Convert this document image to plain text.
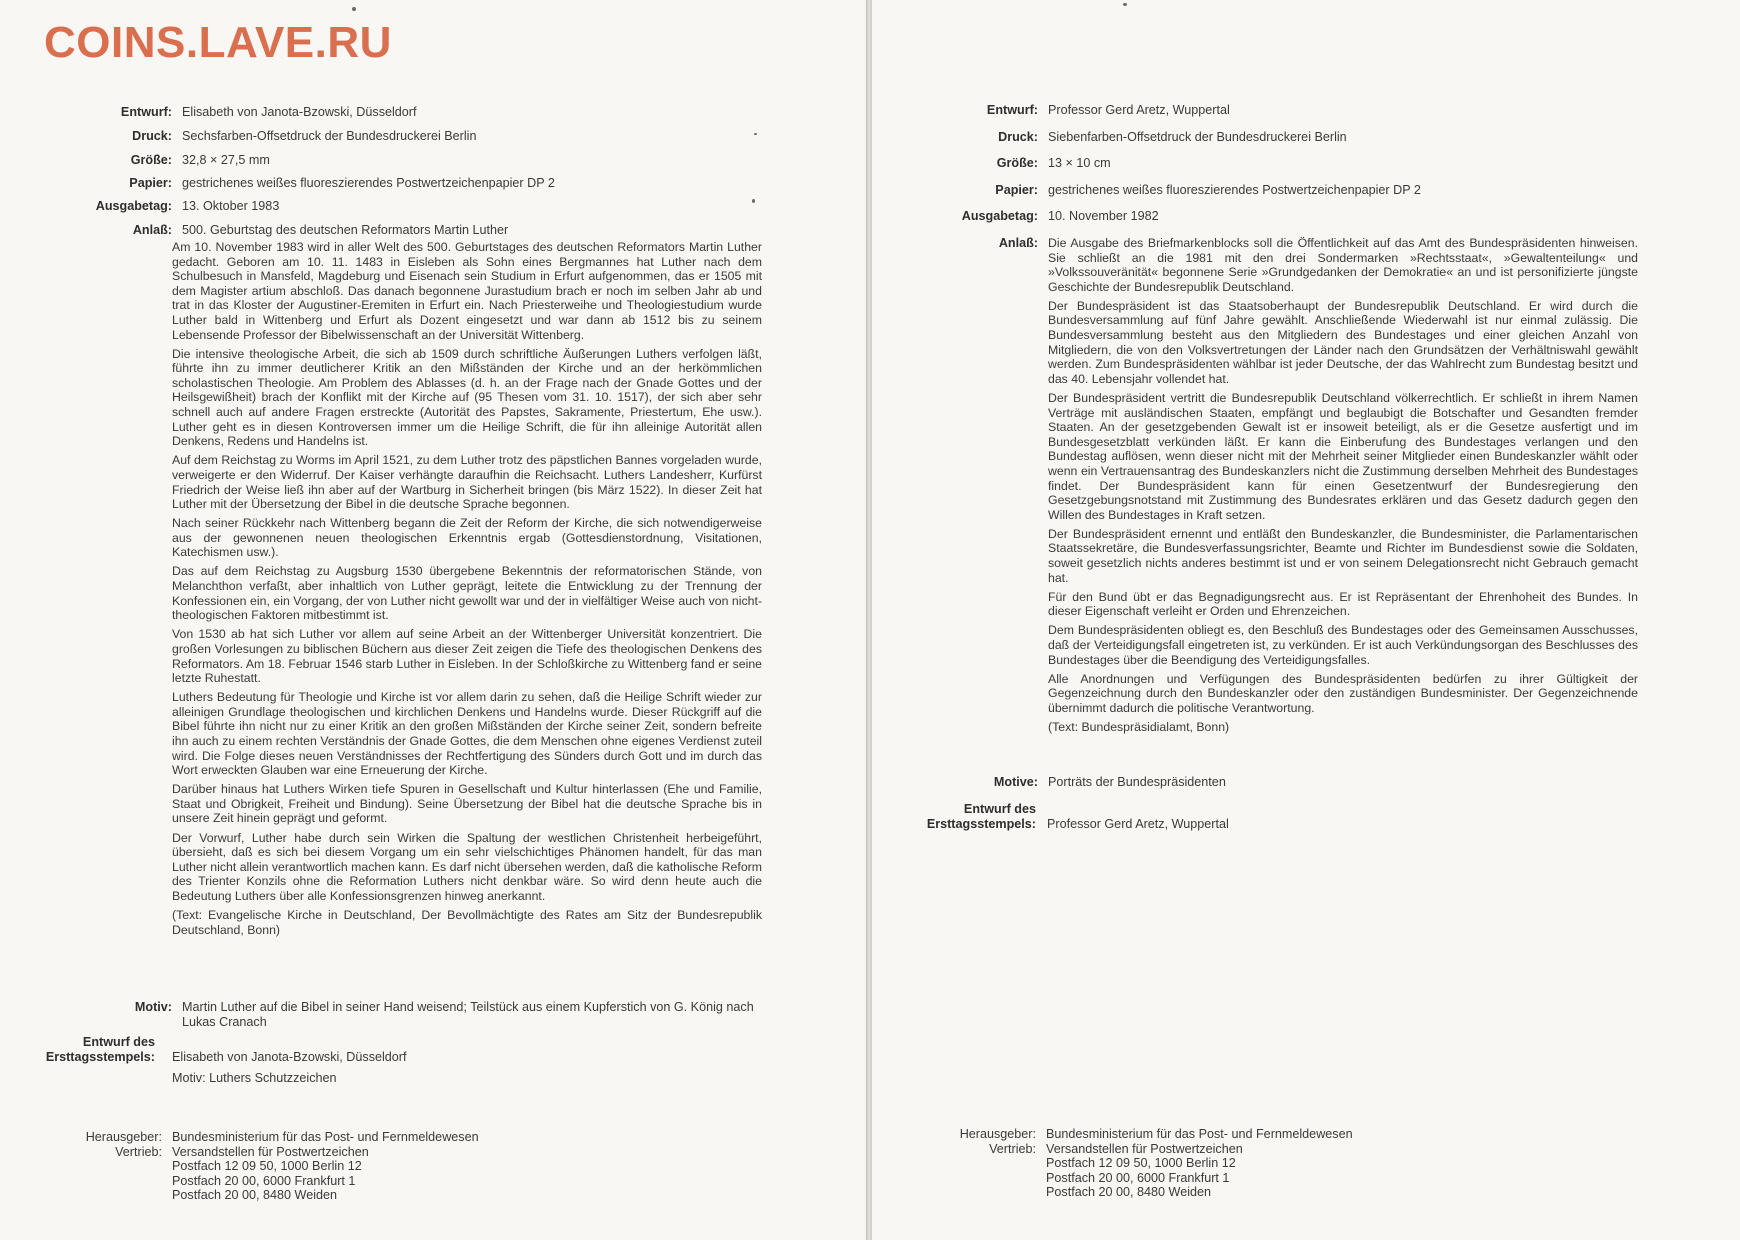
COINS.LAVE.RU
Entwurf: Elisabeth von Janota-Bzowski, Düsseldorf
Druck: Sechsfarben-Offsetdruck der Bundesdruckerei Berlin
Größe: 32,8 × 27,5 mm
Papier: gestrichenes weißes fluoreszierendes Postwertzeichenpapier DP 2
Ausgabetag: 13. Oktober 1983
Anlaß: 500. Geburtstag des deutschen Reformators Martin Luther

Am 10. November 1983 wird in aller Welt des 500. Geburtstages des deutschen Reformators Martin Luther gedacht. Geboren am 10. 11. 1483 in Eisleben als Sohn eines Bergmannes hat Luther nach dem Schulbesuch in Mansfeld, Magdeburg und Eisenach sein Studium in Erfurt aufgenommen, das er 1505 mit dem Magister artium abschloß. Das danach begonnene Jurastudium brach er noch im selben Jahr ab und trat in das Kloster der Augustiner-Eremiten in Erfurt ein. Nach Priesterweihe und Theologiestudium wurde Luther bald in Wittenberg und Erfurt als Dozent eingesetzt und war dann ab 1512 bis zu seinem Lebensende Professor der Bibelwissenschaft an der Universität Wittenberg.

Die intensive theologische Arbeit, die sich ab 1509 durch schriftliche Äußerungen Luthers verfolgen läßt, führte ihn zu immer deutlicherer Kritik an den Mißständen der Kirche und an der herkömmlichen scholastischen Theologie. Am Problem des Ablasses (d. h. an der Frage nach der Gnade Gottes und der Heilsgewißheit) brach der Konflikt mit der Kirche auf (95 Thesen vom 31. 10. 1517), der sich aber sehr schnell auch auf andere Fragen erstreckte (Autorität des Papstes, Sakramente, Priestertum, Ehe usw.). Luther geht es in diesen Kontroversen immer um die Heilige Schrift, die für ihn alleinige Autorität allen Denkens, Redens und Handelns ist.

Auf dem Reichstag zu Worms im April 1521, zu dem Luther trotz des päpstlichen Bannes vorgeladen wurde, verweigerte er den Widerruf. Der Kaiser verhängte daraufhin die Reichsacht. Luthers Landesherr, Kurfürst Friedrich der Weise ließ ihn aber auf der Wartburg in Sicherheit bringen (bis März 1522). In dieser Zeit hat Luther mit der Übersetzung der Bibel in die deutsche Sprache begonnen.

Nach seiner Rückkehr nach Wittenberg begann die Zeit der Reform der Kirche, die sich notwendigerweise aus der gewonnenen neuen theologischen Erkenntnis ergab (Gottesdienstordnung, Visitationen, Katechismen usw.).

Das auf dem Reichstag zu Augsburg 1530 übergebene Bekenntnis der reformatorischen Stände, von Melanchthon verfaßt, aber inhaltlich von Luther geprägt, leitete die Entwicklung zu der Trennung der Konfessionen ein, ein Vorgang, der von Luther nicht gewollt war und der in vielfältiger Weise auch von nicht-theologischen Faktoren mitbestimmt ist.

Von 1530 ab hat sich Luther vor allem auf seine Arbeit an der Wittenberger Universität konzentriert. Die großen Vorlesungen zu biblischen Büchern aus dieser Zeit zeigen die Tiefe des theologischen Denkens des Reformators. Am 18. Februar 1546 starb Luther in Eisleben. In der Schloßkirche zu Wittenberg fand er seine letzte Ruhestatt.

Luthers Bedeutung für Theologie und Kirche ist vor allem darin zu sehen, daß die Heilige Schrift wieder zur alleinigen Grundlage theologischen und kirchlichen Denkens und Handelns wurde. Dieser Rückgriff auf die Bibel führte ihn nicht nur zu einer Kritik an den großen Mißständen der Kirche seiner Zeit, sondern befreite ihn auch zu einem rechten Verständnis der Gnade Gottes, die dem Menschen ohne eigenes Verdienst zuteil wird. Die Folge dieses neuen Verständnisses der Rechtfertigung des Sünders durch Gott und im durch das Wort erweckten Glauben war eine Erneuerung der Kirche.

Darüber hinaus hat Luthers Wirken tiefe Spuren in Gesellschaft und Kultur hinterlassen (Ehe und Familie, Staat und Obrigkeit, Freiheit und Bindung). Seine Übersetzung der Bibel hat die deutsche Sprache bis in unsere Zeit hinein geprägt und geformt.

Der Vorwurf, Luther habe durch sein Wirken die Spaltung der westlichen Christenheit herbeigeführt, übersieht, daß es sich bei diesem Vorgang um ein sehr vielschichtiges Phänomen handelt, für das man Luther nicht allein verantwortlich machen kann. Es darf nicht übersehen werden, daß die katholische Reform des Trienter Konzils ohne die Reformation Luthers nicht denkbar wäre. So wird denn heute auch die Bedeutung Luthers über alle Konfessionsgrenzen hinweg anerkannt.

(Text: Evangelische Kirche in Deutschland, Der Bevollmächtigte des Rates am Sitz der Bundesrepublik Deutschland, Bonn)

Motiv: Martin Luther auf die Bibel in seiner Hand weisend; Teilstück aus einem Kupferstich von G. König nach Lukas Cranach
Entwurf des
Ersttagsstempels: Elisabeth von Janota-Bzowski, Düsseldorf
Motiv: Luthers Schutzzeichen
Herausgeber:
Vertrieb:
Bundesministerium für das Post- und Fernmeldewesen
Versandstellen für Postwertzeichen
Postfach 12 09 50, 1000 Berlin 12
Postfach 20 00, 6000 Frankfurt 1
Postfach 20 00, 8480 Weiden
Entwurf: Professor Gerd Aretz, Wuppertal
Druck: Siebenfarben-Offsetdruck der Bundesdruckerei Berlin
Größe: 13 × 10 cm
Papier: gestrichenes weißes fluoreszierendes Postwertzeichenpapier DP 2
Ausgabetag: 10. November 1982
Anlaß: Die Ausgabe des Briefmarkenblocks soll die Öffentlichkeit auf das Amt des Bundespräsidenten hinweisen. Sie schließt an die 1981 mit den drei Sondermarken »Rechtsstaat«, »Gewaltenteilung« und »Volkssouveränität« begonnene Serie »Grundgedanken der Demokratie« an und ist personifizierte jüngste Geschichte der Bundesrepublik Deutschland.

Der Bundespräsident ist das Staatsoberhaupt der Bundesrepublik Deutschland. Er wird durch die Bundesversammlung auf fünf Jahre gewählt. Anschließende Wiederwahl ist nur einmal zulässig. Die Bundesversammlung besteht aus den Mitgliedern des Bundestages und einer gleichen Anzahl von Mitgliedern, die von den Volksvertretungen der Länder nach den Grundsätzen der Verhältniswahl gewählt werden. Zum Bundespräsidenten wählbar ist jeder Deutsche, der das Wahlrecht zum Bundestag besitzt und das 40. Lebensjahr vollendet hat.

Der Bundespräsident vertritt die Bundesrepublik Deutschland völkerrechtlich. Er schließt in ihrem Namen Verträge mit ausländischen Staaten, empfängt und beglaubigt die Botschafter und Gesandten fremder Staaten. An der gesetzgebenden Gewalt ist er insoweit beteiligt, als er die Gesetze ausfertigt und im Bundesgesetzblatt verkünden läßt. Er kann die Einberufung des Bundestages verlangen und den Bundestag auflösen, wenn dieser nicht mit der Mehrheit seiner Mitglieder einen Bundeskanzler wählt oder wenn ein Vertrauensantrag des Bundeskanzlers nicht die Zustimmung derselben Mehrheit des Bundestages findet. Der Bundespräsident kann für einen Gesetzentwurf der Bundesregierung den Gesetzgebungsnotstand mit Zustimmung des Bundesrates erklären und das Gesetz dadurch gegen den Willen des Bundestages in Kraft setzen.

Der Bundespräsident ernennt und entläßt den Bundeskanzler, die Bundesminister, die Parlamentarischen Staatssekretäre, die Bundesverfassungsrichter, Beamte und Richter im Bundesdienst sowie die Soldaten, soweit gesetzlich nichts anderes bestimmt ist und er von seinem Delegationsrecht nicht Gebrauch gemacht hat.

Für den Bund übt er das Begnadigungsrecht aus. Er ist Repräsentant der Ehrenhoheit des Bundes. In dieser Eigenschaft verleiht er Orden und Ehrenzeichen.

Dem Bundespräsidenten obliegt es, den Beschluß des Bundestages oder des Gemeinsamen Ausschusses, daß der Verteidigungsfall eingetreten ist, zu verkünden. Er ist auch Verkündungsorgan des Beschlusses des Bundestages über die Beendigung des Verteidigungsfalles.

Alle Anordnungen und Verfügungen des Bundespräsidenten bedürfen zu ihrer Gültigkeit der Gegenzeichnung durch den Bundeskanzler oder den zuständigen Bundesminister. Der Gegenzeichnende übernimmt dadurch die politische Verantwortung.

(Text: Bundespräsidialamt, Bonn)

Motive: Porträts der Bundespräsidenten
Entwurf des
Ersttagsstempels: Professor Gerd Aretz, Wuppertal
Herausgeber:
Vertrieb:
Bundesministerium für das Post- und Fernmeldewesen
Versandstellen für Postwertzeichen
Postfach 12 09 50, 1000 Berlin 12
Postfach 20 00, 6000 Frankfurt 1
Postfach 20 00, 8480 Weiden
